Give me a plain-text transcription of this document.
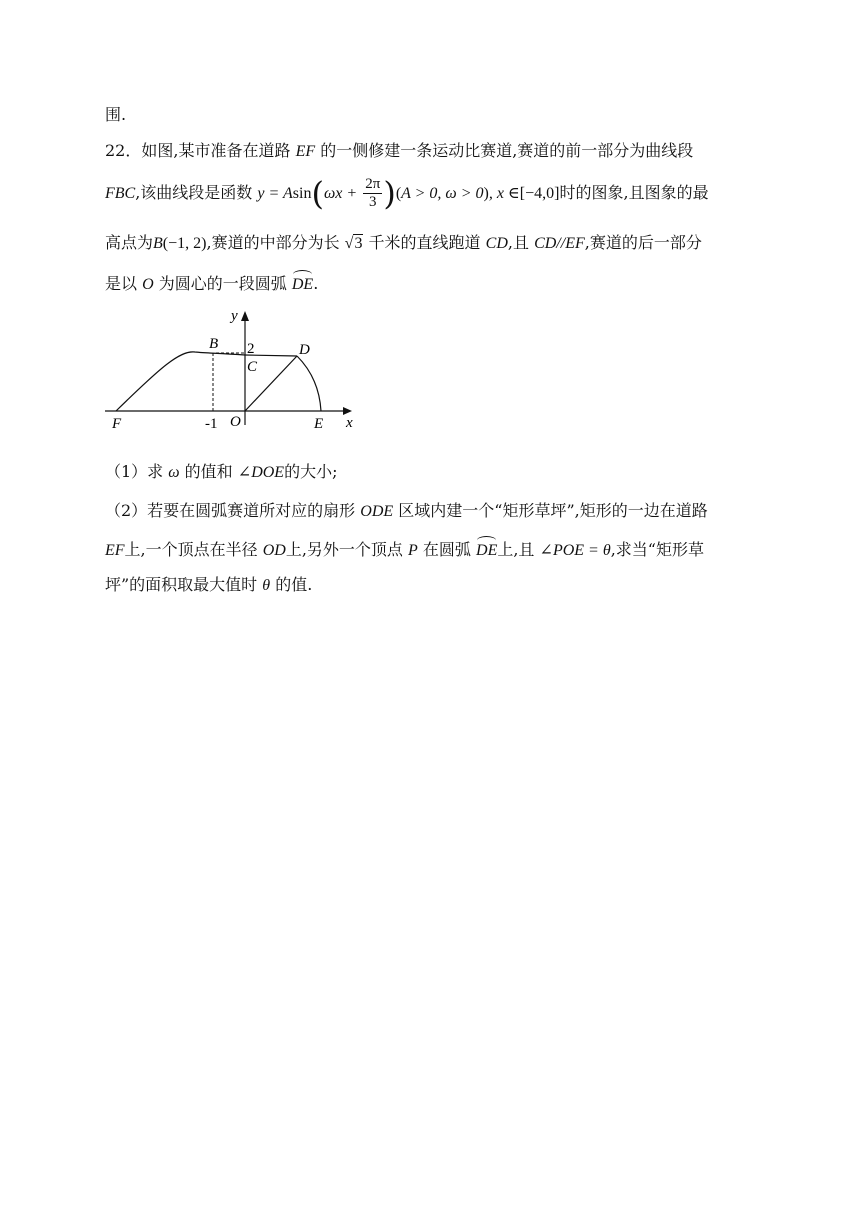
围.
22．如图,某市准备在道路 EF 的一侧修建一条运动比赛道,赛道的前一部分为曲线段
FBC,该曲线段是函数 $y = Asin(\omega x + \frac{2\pi}{3} )(A > 0$, ω > 0), x ∈[−4,0]时的图象,且图象的最
高点为B(−1, 2),赛道的中部分为长 √3 千米的直线跑道 CD,且 CD//EF,赛道的后一部分
是以 O 为圆心的一段圆弧 DE.
y
x
B 2	D
C
F	-1 O	E
（1）求 ω 的值和 ∠DOE的大小;
（2）若要在圆弧赛道所对应的扇形 ODE 区域内建一个“矩形草坪”,矩形的一边在道路
EF上,一个顶点在半径 OD上,另外一个顶点 P 在圆弧 DE上,且 ∠POE = θ,求当“矩形草
坪”的面积取最大值时 θ 的值.
